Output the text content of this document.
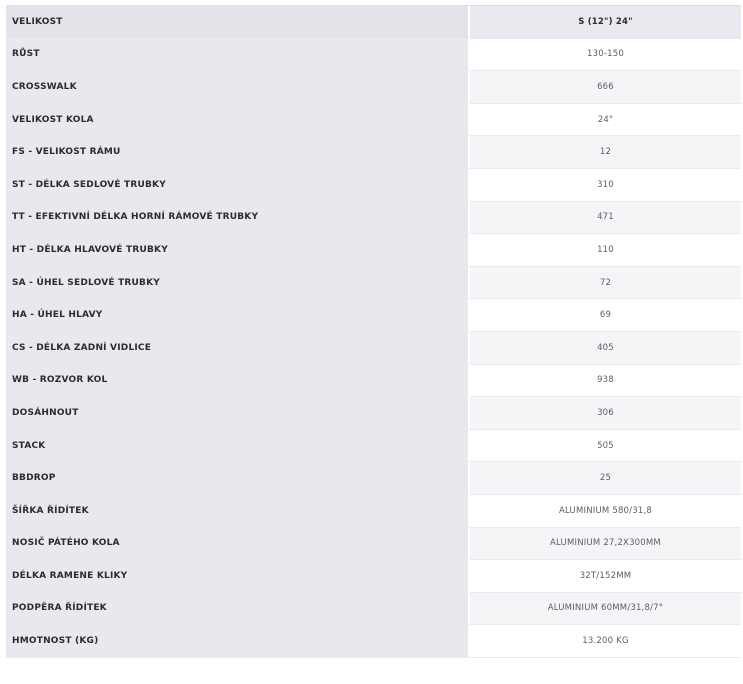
VELIKOST	S (12") 24"
RŮST	130-150
CROSSWALK	666
VELIKOST KOLA	24"
FS - VELIKOST RÁMU	12
ST - DÉLKA SEDLOVÉ TRUBKY	310
TT - EFEKTIVNÍ DÉLKA HORNÍ RÁMOVÉ TRUBKY	471
HT - DÉLKA HLAVOVÉ TRUBKY	110
SA - ÚHEL SEDLOVÉ TRUBKY	72
HA - ÚHEL HLAVY	69
CS - DÉLKA ZADNÍ VIDLICE	405
WB - ROZVOR KOL	938
DOSÁHNOUT	306
STACK	505
BBDROP	25
ŠÍŘKA ŘÍDÍTEK	ALUMINIUM 580/31,8
NOSIČ PÁTÉHO KOLA	ALUMINIUM 27,2X300MM
DÉLKA RAMENE KLIKY	32T/152MM
PODPĚRA ŘÍDÍTEK	ALUMINIUM 60MM/31,8/7°
HMOTNOST (KG)	13.200 KG
